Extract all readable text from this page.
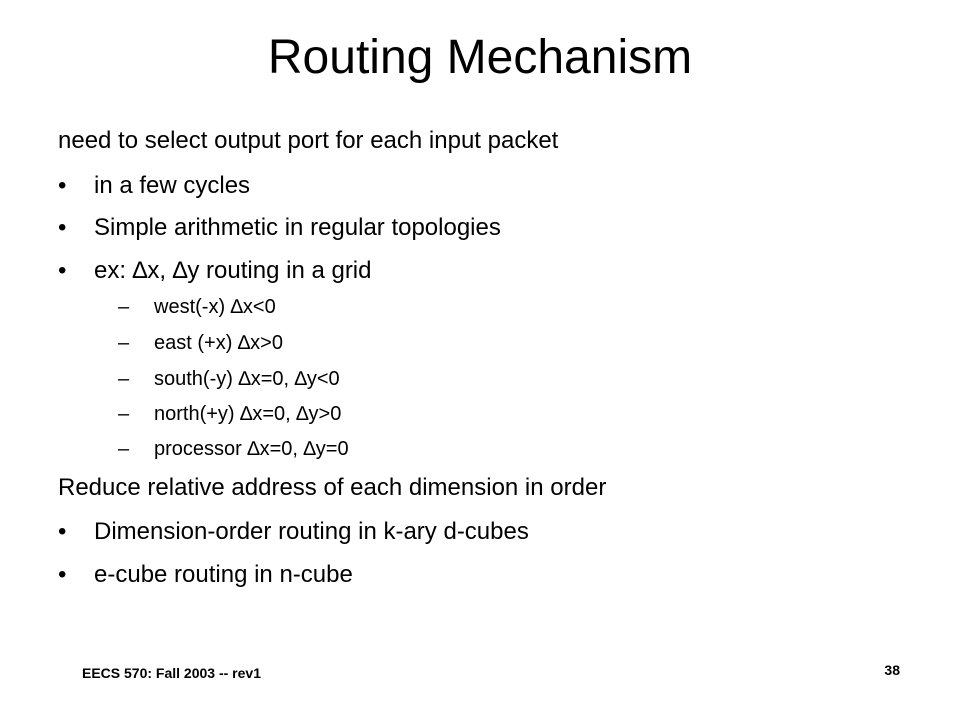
Routing Mechanism
need to select output port for each input packet
• in a few cycles
• Simple arithmetic in regular topologies
• ex: ∆x, ∆y routing in a grid
– west(-x) ∆x<0
– east (+x) ∆x>0
– south(-y) ∆x=0, ∆y<0
– north(+y) ∆x=0, ∆y>0
– processor ∆x=0, ∆y=0
Reduce relative address of each dimension in order
• Dimension-order routing in k-ary d-cubes
• e-cube routing in n-cube
EECS 570: Fall 2003 -- rev1	38
